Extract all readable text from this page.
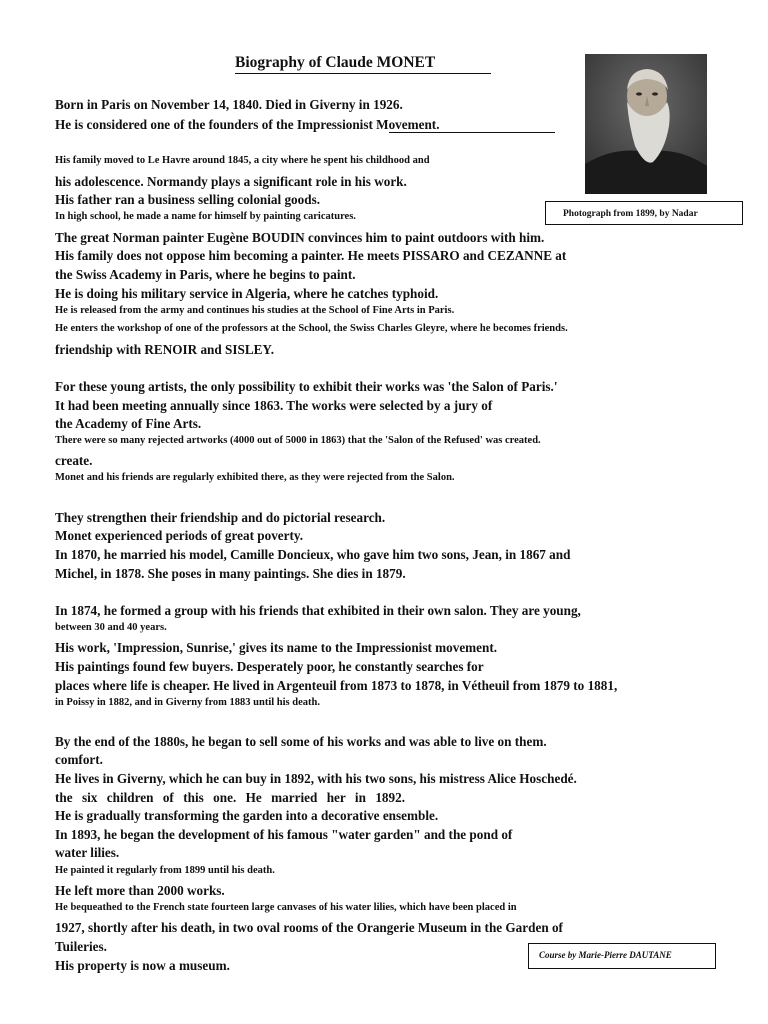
Biography of Claude MONET
Photograph from 1899, by Nadar

Born in Paris on November 14, 1840. Died in Giverny in 1926.

He is considered one of the founders of the Impressionist Movement.

His family moved to Le Havre around 1845, a city where he spent his childhood and

his adolescence. Normandy plays a significant role in his work.

His father ran a business selling colonial goods.

In high school, he made a name for himself by painting caricatures.

The great Norman painter Eugène BOUDIN convinces him to paint outdoors with him.

His family does not oppose him becoming a painter. He meets PISSARO and CEZANNE at

the Swiss Academy in Paris, where he begins to paint.

He is doing his military service in Algeria, where he catches typhoid.

He is released from the army and continues his studies at the School of Fine Arts in Paris.

He enters the workshop of one of the professors at the School, the Swiss Charles Gleyre, where he becomes friends.

friendship with RENOIR and SISLEY.

For these young artists, the only possibility to exhibit their works was 'the Salon of Paris.'

It had been meeting annually since 1863. The works were selected by a jury of

the Academy of Fine Arts.

There were so many rejected artworks (4000 out of 5000 in 1863) that the 'Salon of the Refused' was created.

create.

Monet and his friends are regularly exhibited there, as they were rejected from the Salon.

They strengthen their friendship and do pictorial research.

Monet experienced periods of great poverty.

In 1870, he married his model, Camille Doncieux, who gave him two sons, Jean, in 1867 and

Michel, in 1878. She poses in many paintings. She dies in 1879.

In 1874, he formed a group with his friends that exhibited in their own salon. They are young,

between 30 and 40 years.

His work, 'Impression, Sunrise,' gives its name to the Impressionist movement.

His paintings found few buyers. Desperately poor, he constantly searches for

places where life is cheaper. He lived in Argenteuil from 1873 to 1878, in Vétheuil from 1879 to 1881,

in Poissy in 1882, and in Giverny from 1883 until his death.

By the end of the 1880s, he began to sell some of his works and was able to live on them.

comfort.

He lives in Giverny, which he can buy in 1892, with his two sons, his mistress Alice Hoschedé.

the six children of this one. He married her in 1892.

He is gradually transforming the garden into a decorative ensemble.

In 1893, he began the development of his famous "water garden" and the pond of

water lilies.

He painted it regularly from 1899 until his death.

He left more than 2000 works.

He bequeathed to the French state fourteen large canvases of his water lilies, which have been placed in

1927, shortly after his death, in two oval rooms of the Orangerie Museum in the Garden of

Tuileries.

His property is now a museum.

Course by Marie-Pierre DAUTANE
